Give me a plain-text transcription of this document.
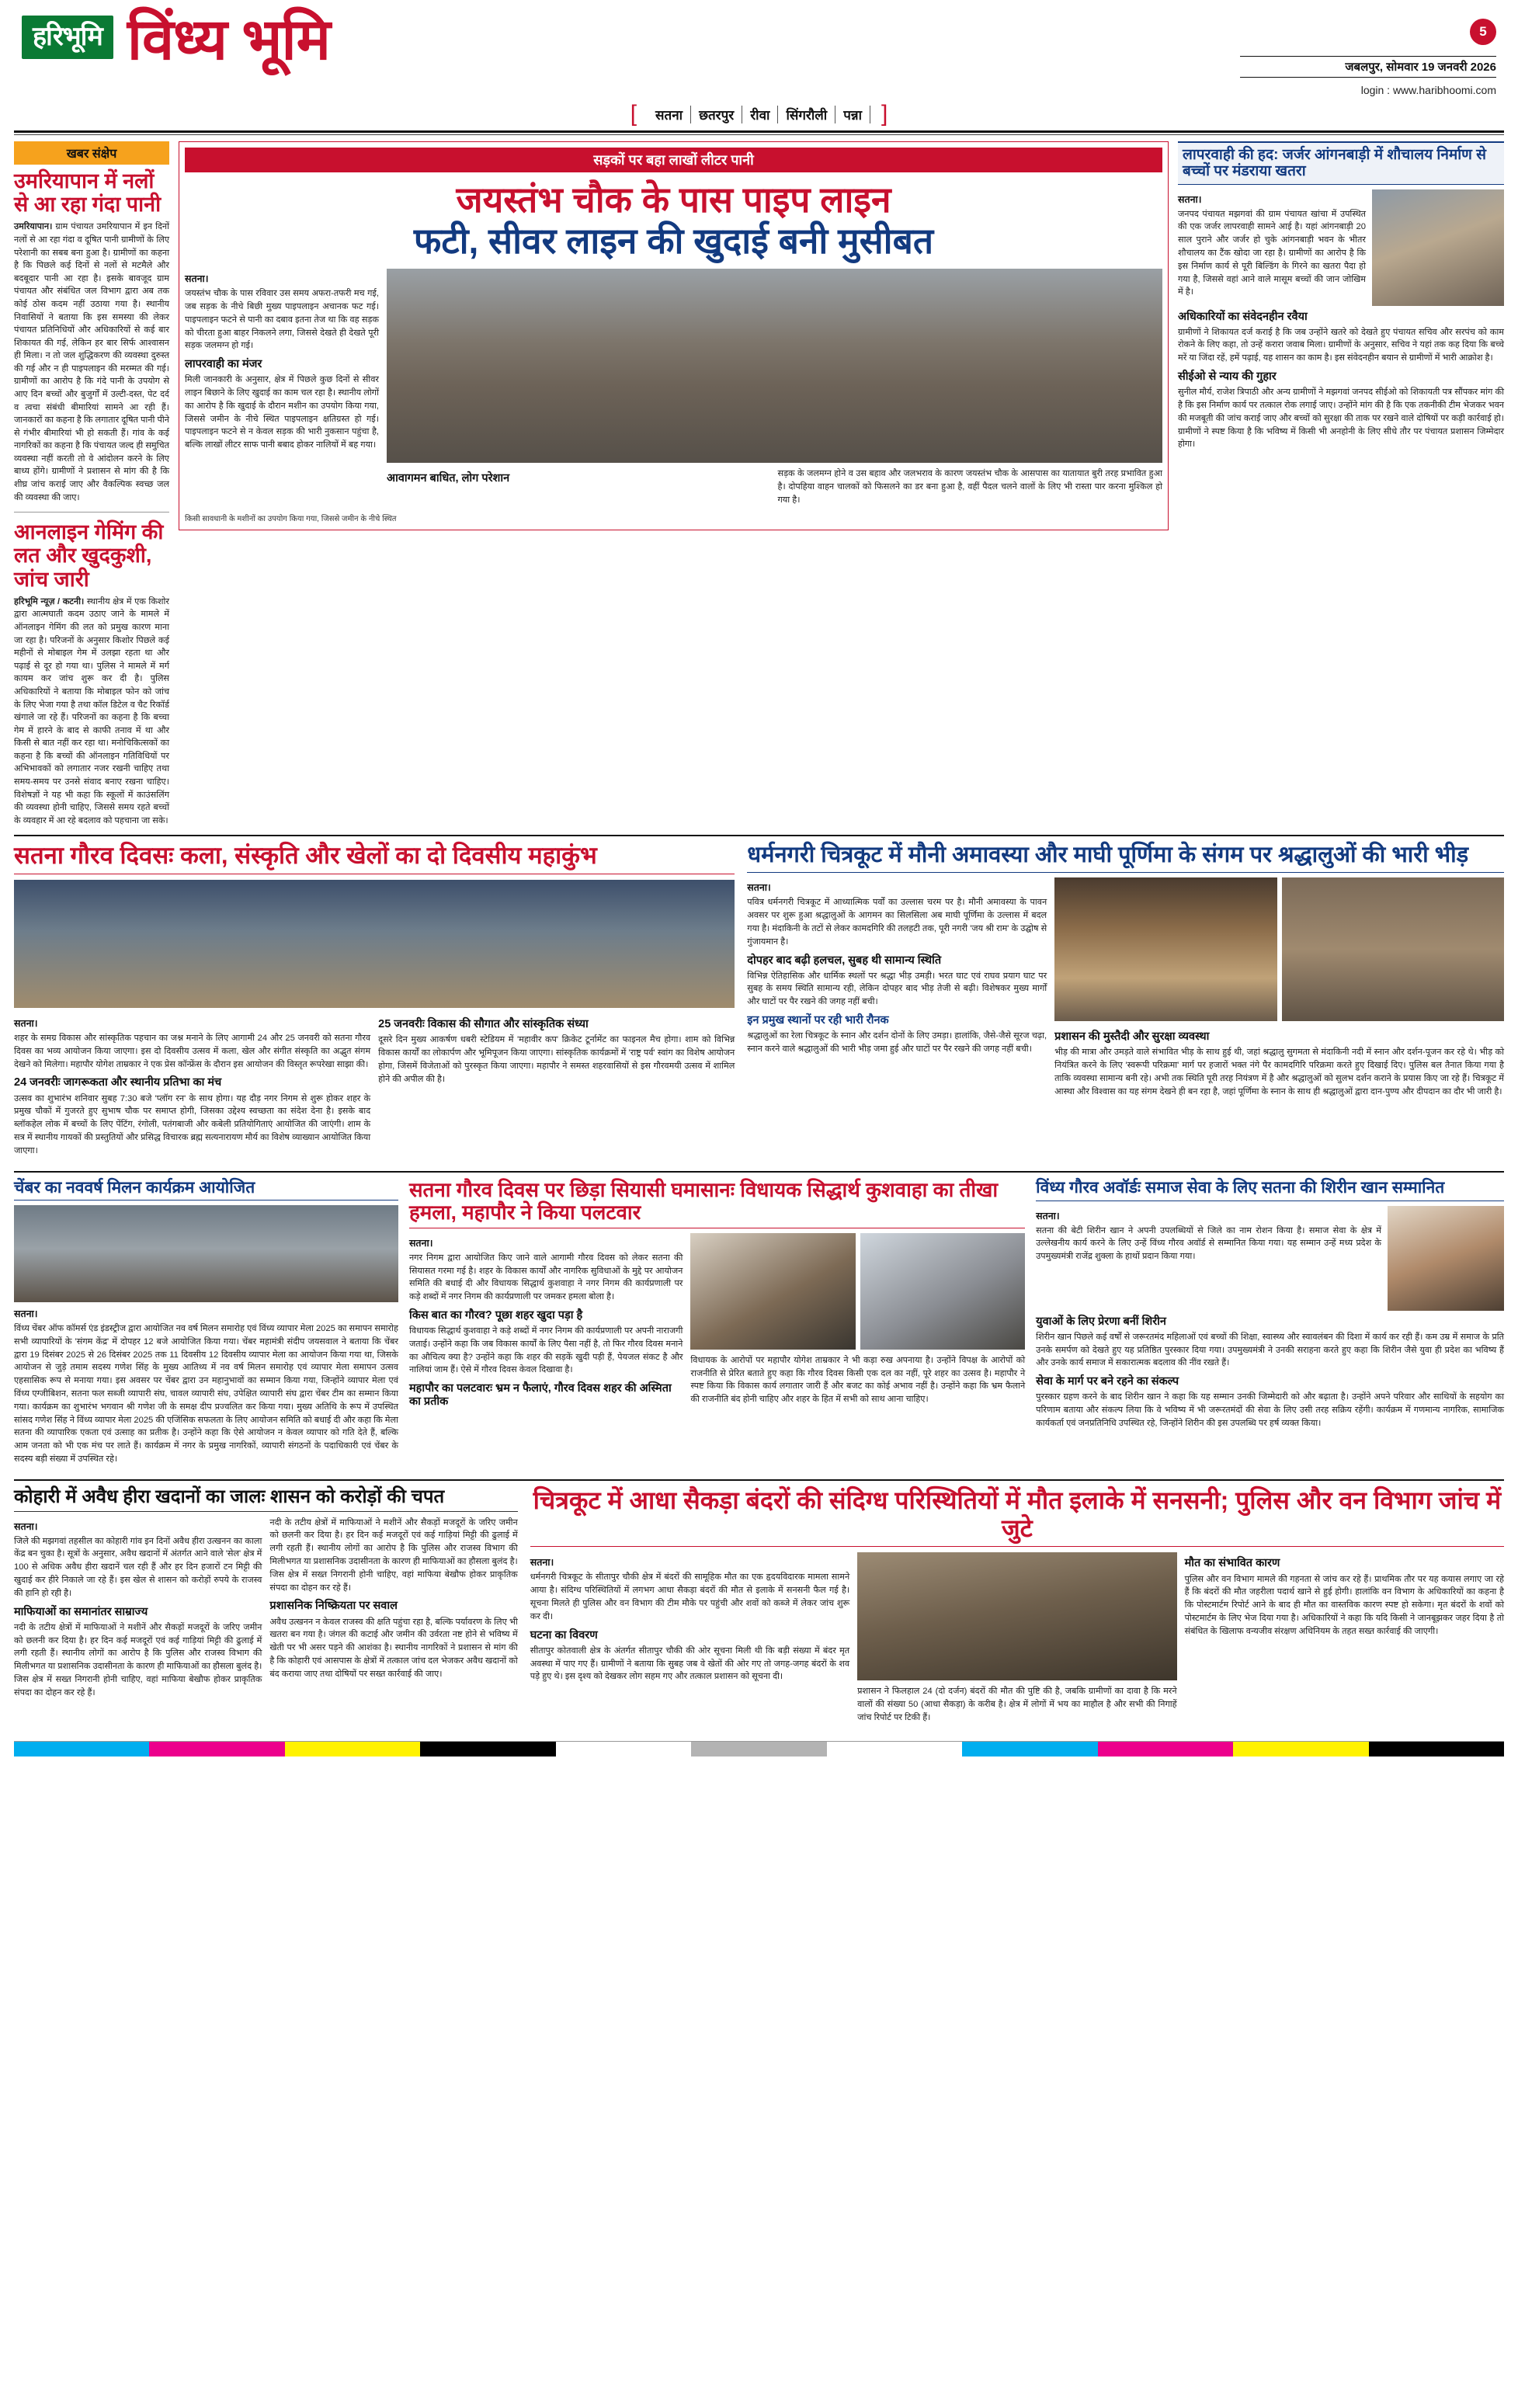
हरिभूमि विंध्य भूमि	5
जबलपुर, सोमवार 19 जनवरी 2026
login : www.haribhoomi.com
[	सतना	छतरपुर	रीवा	सिंगरौली	पन्ना ]
खबर संक्षेप
उमरियापान में नलों से आ रहा गंदा पानी
उमरियापान। ग्राम पंचायत उमरियापान में इन दिनों नलों से आ रहा गंदा व दूषित पानी ग्रामीणों के लिए परेशानी का सबब बना हुआ है। ग्रामीणों का कहना है कि पिछले कई दिनों से नलों से मटमैले और बदबूदार पानी आ रहा है। इसके बावजूद ग्राम पंचायत और संबंधित जल विभाग द्वारा अब तक कोई ठोस कदम नहीं उठाया गया है। स्थानीय निवासियों ने बताया कि इस समस्या की लेकर पंचायत प्रतिनिधियों और अधिकारियों से कई बार शिकायत की गई, लेकिन हर बार सिर्फ आश्वासन ही मिला। न तो जल शुद्धिकरण की व्यवस्था दुरुस्त की गई और न ही पाइपलाइन की मरम्मत की गई। ग्रामीणों का आरोप है कि गंदे पानी के उपयोग से आए दिन बच्चों और बुजुर्गों में उल्टी-दस्त, पेट दर्द व त्वचा संबंधी बीमारियां सामने आ रही हैं। जानकारों का कहना है कि लगातार दूषित पानी पीने से गंभीर बीमारियां भी हो सकती हैं। गांव के कई नागरिकों का कहना है कि पंचायत जल्द ही समुचित व्यवस्था नहीं करती तो वे आंदोलन करने के लिए बाध्य होंगे। ग्रामीणों ने प्रशासन से मांग की है कि शीघ्र जांच कराई जाए और वैकल्पिक स्वच्छ जल की व्यवस्था की जाए।
आनलाइन गेमिंग की लत और खुदकुशी, जांच जारी
हरिभूमि न्यूज़ / कटनी। स्थानीय क्षेत्र में एक किशोर द्वारा आत्मघाती कदम उठाए जाने के मामले में ऑनलाइन गेमिंग की लत को प्रमुख कारण माना जा रहा है। परिजनों के अनुसार किशोर पिछले कई महीनों से मोबाइल गेम में उलझा रहता था और पढ़ाई से दूर हो गया था। पुलिस ने मामले में मर्ग कायम कर जांच शुरू कर दी है। पुलिस अधिकारियों ने बताया कि मोबाइल फोन को जांच के लिए भेजा गया है तथा कॉल डिटेल व चैट रिकॉर्ड खंगाले जा रहे हैं। परिजनों का कहना है कि बच्चा गेम में हारने के बाद से काफी तनाव में था और किसी से बात नहीं कर रहा था। मनोचिकित्सकों का कहना है कि बच्चों की ऑनलाइन गतिविधियों पर अभिभावकों को लगातार नजर रखनी चाहिए तथा समय-समय पर उनसे संवाद बनाए रखना चाहिए। विशेषज्ञों ने यह भी कहा कि स्कूलों में काउंसलिंग की व्यवस्था होनी चाहिए, जिससे समय रहते बच्चों के व्यवहार में आ रहे बदलाव को पहचाना जा सके।
सड़कों पर बहा लाखों लीटर पानी
जयस्तंभ चौक के पास पाइप लाइन
फटी, सीवर लाइन की खुदाई बनी मुसीबत
सतना।

जयस्तंभ चौक के पास रविवार उस समय अफरा-तफरी मच गई, जब सड़क के नीचे बिछी मुख्य पाइपलाइन अचानक फट गई। पाइपलाइन फटने से पानी का दबाव इतना तेज था कि वह सड़क को चीरता हुआ बाहर निकलने लगा, जिससे देखते ही देखते पूरी सड़क जलमग्न हो गई।

लापरवाही का मंजर

मिली जानकारी के अनुसार, क्षेत्र में पिछले कुछ दिनों से सीवर लाइन बिछाने के लिए खुदाई का काम चल रहा है। स्थानीय लोगों का आरोप है कि खुदाई के दौरान मशीन का उपयोग किया गया, जिससे जमीन के नीचे स्थित पाइपलाइन क्षतिग्रस्त हो गई। पाइपलाइन फटने से न केवल सड़क की भारी नुकसान पहुंचा है, बल्कि लाखों लीटर साफ पानी बबाद होकर नालियों में बह गया।

आवागमन बाधित, लोग परेशान	सड़क के जलमग्न होने व उस बहाव और जलभराव के कारण जयस्तंभ चौक के आसपास का यातायात बुरी तरह प्रभावित हुआ है। दोपहिया वाहन चालकों को फिसलने का डर बना हुआ है, वहीं पैदल चलने वालों के लिए भी रास्ता पार करना मुश्किल हो गया है।

किसी सावधानी के मशीनों का उपयोग किया गया, जिससे जमीन के नीचे स्थित
लापरवाही की हद: जर्जर आंगनबाड़ी में शौचालय निर्माण से बच्चों पर मंडराया खतरा
सतना।

जनपद पंचायत मझगवां की ग्राम पंचायत खांचा में उपस्थित की एक जर्जर लापरवाही सामने आई है। यहां आंगनबाड़ी 20 साल पुराने और जर्जर हो चुके आंगनबाड़ी भवन के भीतर शौचालय का टैंक खोदा जा रहा है। ग्रामीणों का आरोप है कि इस निर्माण कार्य से पूरी बिल्डिंग के गिरने का खतरा पैदा हो गया है, जिससे वहां आने वाले मासूम बच्चों की जान जोखिम में है।

अधिकारियों का संवेदनहीन रवैया

ग्रामीणों ने शिकायत दर्ज कराई है कि जब उन्होंने खतरे को देखते हुए पंचायत सचिव और सरपंच को काम रोकने के लिए कहा, तो उन्हें करारा जवाब मिला। ग्रामीणों के अनुसार, सचिव ने यहां तक कह दिया कि बच्चे मरें या जिंदा रहें, हमें पढ़ाई, यह शासन का काम है। इस संवेदनहीन बयान से ग्रामीणों में भारी आक्रोश है।

सीईओ से न्याय की गुहार

सुनील मौर्य, राजेश त्रिपाठी और अन्य ग्रामीणों ने मझगवां जनपद सीईओ को शिकायती पत्र सौंपकर मांग की है कि इस निर्माण कार्य पर तत्काल रोक लगाई जाए। उन्होंने मांग की है कि एक तकनीकी टीम भेजकर भवन की मजबूती की जांच कराई जाए और बच्चों को सुरक्षा की ताक पर रखने वाले दोषियों पर कड़ी कार्रवाई हो। ग्रामीणों ने स्पष्ट किया है कि भविष्य में किसी भी अनहोनी के लिए सीधे तौर पर पंचायत प्रशासन जिम्मेदार होगा।

सतना गौरव दिवसः कला, संस्कृति और खेलों का दो दिवसीय महाकुंभ
सतना।

शहर के समग्र विकास और सांस्कृतिक पहचान का जश्न मनाने के लिए आगामी 24 और 25 जनवरी को सतना गौरव दिवस का भव्य आयोजन किया जाएगा। इस दो दिवसीय उत्सव में कला, खेल और संगीत संस्कृति का अद्भुत संगम देखने को मिलेगा। महापौर योगेश ताम्रकार ने एक प्रेस कॉन्फ्रेंस के दौरान इस आयोजन की विस्तृत रूपरेखा साझा की।

24 जनवरीः जागरूकता और स्थानीय प्रतिभा का मंच

उत्सव का शुभारंभ शनिवार सुबह 7:30 बजे 'प्लॉग रन' के साथ होगा। यह दौड़ नगर निगम से शुरू होकर शहर के प्रमुख चौकों में गुजरते हुए सुभाष चौक पर समाप्त होगी, जिसका उद्देश्य स्वच्छता का संदेश देना है। इसके बाद ब्लॉकहेल लोक में बच्चों के लिए पेंटिंग, रंगोली, पतंगबाजी और कबेली प्रतियोगिताएं आयोजित की जाएंगी। शाम के सत्र में स्थानीय गायकों की प्रस्तुतियों और प्रसिद्ध विचारक ब्रह्म सत्यनारायण मौर्य का विशेष व्याख्यान आयोजित किया जाएगा।

25 जनवरीः विकास की सौगात और सांस्कृतिक संध्या

दूसरे दिन मुख्य आकर्षण धबरी स्टेडियम में 'महावीर कप' क्रिकेट टूर्नामेंट का फाइनल मैच होगा। शाम को विभिन्न विकास कार्यों का लोकार्पण और भूमिपूजन किया जाएगा। सांस्कृतिक कार्यक्रमों में 'राष्ट्र पर्व' स्वांग का विशेष आयोजन होगा, जिसमें विजेताओं को पुरस्कृत किया जाएगा। महापौर ने समस्त शहरवासियों से इस गौरवमयी उत्सव में शामिल होने की अपील की है।

धर्मनगरी चित्रकूट में मौनी अमावस्या और माघी पूर्णिमा के संगम पर श्रद्धालुओं की भारी भीड़
सतना।

पवित्र धर्मनगरी चित्रकूट में आध्यात्मिक पर्वों का उल्लास चरम पर है। मौनी अमावस्या के पावन अवसर पर शुरू हुआ श्रद्धालुओं के आगमन का सिलसिला अब माघी पूर्णिमा के उल्लास में बदल गया है। मंदाकिनी के तटों से लेकर कामदगिरि की तलहटी तक, पूरी नगरी 'जय श्री राम' के उद्घोष से गुंजायमान है।

दोपहर बाद बढ़ी हलचल, सुबह थी सामान्य स्थिति

विभिन्न ऐतिहासिक और धार्मिक स्थलों पर श्रद्धा भीड़ उमड़ी। भरत घाट एवं राघव प्रयाग घाट पर सुबह के समय स्थिति सामान्य रही, लेकिन दोपहर बाद भीड़ तेजी से बढ़ी। विशेषकर मुख्य मार्गों और घाटों पर पैर रखने की जगह नहीं बची।

इन प्रमुख स्थानों पर रही भारी रौनक

श्रद्धालुओं का रेला चित्रकूट के स्नान और दर्शन दोनों के लिए उमड़ा। हालांकि, जैसे-जैसे सूरज चढ़ा, स्नान करने वाले श्रद्धालुओं की भारी भीड़ जमा हुई और घाटों पर पैर रखने की जगह नहीं बची।

प्रशासन की मुस्तैदी और सुरक्षा व्यवस्था

भीड़ की मात्रा और उमड़ते वाले संभावित भीड़ के साथ हुई थी, जहां श्रद्धालु सुगमता से मंदाकिनी नदी में स्नान और दर्शन-पूजन कर रहे थे। भीड़ को नियंत्रित करने के लिए 'स्वरूपी परिक्रमा' मार्ग पर हजारों भक्त नंगे पैर कामदगिरि परिक्रमा करते हुए दिखाई दिए। पुलिस बल तैनात किया गया है ताकि व्यवस्था सामान्य बनी रहे। अभी तक स्थिति पूरी तरह नियंत्रण में है और श्रद्धालुओं को सुलभ दर्शन कराने के प्रयास किए जा रहे हैं। चित्रकूट में आस्था और विश्वास का यह संगम देखने ही बन रहा है, जहां पूर्णिमा के स्नान के साथ ही श्रद्धालुओं द्वारा दान-पुण्य और दीपदान का दौर भी जारी है।

चेंबर का नववर्ष मिलन कार्यक्रम आयोजित
सतना।

विंध्य चेंबर ऑफ कॉमर्स एंड इंडस्ट्रीज द्वारा आयोजित नव वर्ष मिलन समारोह एवं विंध्य व्यापार मेला 2025 का समापन समारोह सभी व्यापारियों के 'संगम केंद्र' में दोपहर 12 बजे आयोजित किया गया। चेंबर महामंत्री संदीप जयसवाल ने बताया कि चेंबर द्वारा 19 दिसंबर 2025 से 26 दिसंबर 2025 तक 11 दिवसीय 12 दिवसीय व्यापार मेला का आयोजन किया गया था, जिसके आयोजन से जुड़े तमाम सदस्य गणेश सिंह के मुख्य आतिथ्य में नव वर्ष मिलन समारोह एवं व्यापार मेला समापन उत्सव एहसासिक रूप से मनाया गया। इस अवसर पर चेंबर द्वारा उन महानुभावों का सम्मान किया गया, जिन्होंने व्यापार मेला एवं विंध्य एग्जीबिशन, सतना फल सब्जी व्यापारी संघ, चावल व्यापारी संघ, उपेक्षित व्यापारी संघ द्वारा चेंबर टीम का सम्मान किया गया। कार्यक्रम का शुभारंभ भगवान श्री गणेश जी के समक्ष दीप प्रज्वलित कर किया गया। मुख्य अतिथि के रूप में उपस्थित सांसद गणेश सिंह ने विंध्य व्यापार मेला 2025 की एजिंसिक सफलता के लिए आयोजन समिति को बधाई दी और कहा कि मेला सतना की व्यापारिक एकता एवं उत्साह का प्रतीक है। उन्होंने कहा कि ऐसे आयोजन न केवल व्यापार को गति देते हैं, बल्कि आम जनता को भी एक मंच पर लाते हैं। कार्यक्रम में नगर के प्रमुख नागरिकों, व्यापारी संगठनों के पदाधिकारी एवं चेंबर के सदस्य बड़ी संख्या में उपस्थित रहे।

सतना गौरव दिवस पर छिड़ा सियासी घमासानः विधायक सिद्धार्थ कुशवाहा का तीखा हमला, महापौर ने किया पलटवार
सतना।

नगर निगम द्वारा आयोजित किए जाने वाले आगामी गौरव दिवस को लेकर सतना की सियासत गरमा गई है। शहर के विकास कार्यों और नागरिक सुविधाओं के मुद्दे पर आयोजन समिति की बधाई दी और विधायक सिद्धार्थ कुशवाहा ने नगर निगम की कार्यप्रणाली पर कड़े शब्दों में नगर निगम की कार्यप्रणाली पर जमकर हमला बोला है।

किस बात का गौरव? पूछा शहर खुदा पड़ा है

विधायक सिद्धार्थ कुशवाहा ने कड़े शब्दों में नगर निगम की कार्यप्रणाली पर अपनी नाराजगी जताई। उन्होंने कहा कि जब विकास कार्यों के लिए पैसा नहीं है, तो फिर गौरव दिवस मनाने का औचित्य क्या है? उन्होंने कहा कि शहर की सड़कें खुदी पड़ी हैं, पेयजल संकट है और नालियां जाम हैं। ऐसे में गौरव दिवस केवल दिखावा है।

महापौर का पलटवारः भ्रम न फैलाएं, गौरव दिवस शहर की अस्मिता का प्रतीक

विधायक के आरोपों पर महापौर योगेश ताम्रकार ने भी कड़ा रुख अपनाया है। उन्होंने विपक्ष के आरोपों को राजनीति से प्रेरित बताते हुए कहा कि गौरव दिवस किसी एक दल का नहीं, पूरे शहर का उत्सव है। महापौर ने स्पष्ट किया कि विकास कार्य लगातार जारी हैं और बजट का कोई अभाव नहीं है। उन्होंने कहा कि भ्रम फैलाने की राजनीति बंद होनी चाहिए और शहर के हित में सभी को साथ आना चाहिए।

विंध्य गौरव अवॉर्डः समाज सेवा के लिए सतना की शिरीन खान सम्मानित
सतना।

सतना की बेटी शिरीन खान ने अपनी उपलब्धियों से जिले का नाम रोशन किया है। समाज सेवा के क्षेत्र में उल्लेखनीय कार्य करने के लिए उन्हें विंध्य गौरव अवॉर्ड से सम्मानित किया गया। यह सम्मान उन्हें मध्य प्रदेश के उपमुख्यमंत्री राजेंद्र शुक्ला के हाथों प्रदान किया गया।

युवाओं के लिए प्रेरणा बनीं शिरीन

शिरीन खान पिछले कई वर्षों से जरूरतमंद महिलाओं एवं बच्चों की शिक्षा, स्वास्थ्य और स्वावलंबन की दिशा में कार्य कर रही हैं। कम उम्र में समाज के प्रति उनके समर्पण को देखते हुए यह प्रतिष्ठित पुरस्कार दिया गया। उपमुख्यमंत्री ने उनकी सराहना करते हुए कहा कि शिरीन जैसे युवा ही प्रदेश का भविष्य हैं और उनके कार्य समाज में सकारात्मक बदलाव की नींव रखते हैं।

सेवा के मार्ग पर बने रहने का संकल्प

पुरस्कार ग्रहण करने के बाद शिरीन खान ने कहा कि यह सम्मान उनकी जिम्मेदारी को और बढ़ाता है। उन्होंने अपने परिवार और साथियों के सहयोग का परिणाम बताया और संकल्प लिया कि वे भविष्य में भी जरूरतमंदों की सेवा के लिए उसी तरह सक्रिय रहेंगी। कार्यक्रम में गणमान्य नागरिक, सामाजिक कार्यकर्ता एवं जनप्रतिनिधि उपस्थित रहे, जिन्होंने शिरीन की इस उपलब्धि पर हर्ष व्यक्त किया।

कोहारी में अवैध हीरा खदानों का जालः शासन को करोड़ों की चपत
सतना।

जिले की मझगवां तहसील का कोहारी गांव इन दिनों अवैध हीरा उत्खनन का काला केंद्र बन चुका है। सूत्रों के अनुसार, अवैध खदानों में अंतर्गत आने वाले 'सेल' क्षेत्र में 100 से अधिक अवैध हीरा खदानें चल रही हैं और हर दिन हजारों टन मिट्टी की खुदाई कर हीरे निकाले जा रहे हैं। इस खेल से शासन को करोड़ों रुपये के राजस्व की हानि हो रही है।

माफियाओं का समानांतर साम्राज्य

नदी के तटीय क्षेत्रों में माफियाओं ने मशीनें और सैकड़ों मजदूरों के जरिए जमीन को छलनी कर दिया है। हर दिन कई मजदूरों एवं कई गाड़ियां मिट्टी की ढुलाई में लगी रहती हैं। स्थानीय लोगों का आरोप है कि पुलिस और राजस्व विभाग की मिलीभगत या प्रशासनिक उदासीनता के कारण ही माफियाओं का हौसला बुलंद है। जिस क्षेत्र में सख्त निगरानी होनी चाहिए, वहां माफिया बेखौफ होकर प्राकृतिक संपदा का दोहन कर रहे हैं।

नदी के तटीय क्षेत्रों में माफियाओं ने मशीनें और सैकड़ों मजदूरों के जरिए जमीन को छलनी कर दिया है। हर दिन कई मजदूरों एवं कई गाड़ियां मिट्टी की ढुलाई में लगी रहती हैं। स्थानीय लोगों का आरोप है कि पुलिस और राजस्व विभाग की मिलीभगत या प्रशासनिक उदासीनता के कारण ही माफियाओं का हौसला बुलंद है। जिस क्षेत्र में सख्त निगरानी होनी चाहिए, वहां माफिया बेखौफ होकर प्राकृतिक संपदा का दोहन कर रहे हैं।

प्रशासनिक निष्क्रियता पर सवाल

अवैध उत्खनन न केवल राजस्व की क्षति पहुंचा रहा है, बल्कि पर्यावरण के लिए भी खतरा बन गया है। जंगल की कटाई और जमीन की उर्वरता नष्ट होने से भविष्य में खेती पर भी असर पड़ने की आशंका है। स्थानीय नागरिकों ने प्रशासन से मांग की है कि कोहारी एवं आसपास के क्षेत्रों में तत्काल जांच दल भेजकर अवैध खदानों को बंद कराया जाए तथा दोषियों पर सख्त कार्रवाई की जाए।

चित्रकूट में आधा सैकड़ा बंदरों की संदिग्ध परिस्थितियों में मौत इलाके में सनसनी; पुलिस और वन विभाग जांच में जुटे
सतना।

धर्मनगरी चित्रकूट के सीतापुर चौकी क्षेत्र में बंदरों की सामूहिक मौत का एक हृदयविदारक मामला सामने आया है। संदिग्ध परिस्थितियों में लगभग आधा सैकड़ा बंदरों की मौत से इलाके में सनसनी फैल गई है। सूचना मिलते ही पुलिस और वन विभाग की टीम मौके पर पहुंची और शवों को कब्जे में लेकर जांच शुरू कर दी।

घटना का विवरण

सीतापुर कोतवाली क्षेत्र के अंतर्गत सीतापुर चौकी की ओर सूचना मिली थी कि बड़ी संख्या में बंदर मृत अवस्था में पाए गए हैं। ग्रामीणों ने बताया कि सुबह जब वे खेतों की ओर गए तो जगह-जगह बंदरों के शव पड़े हुए थे। इस दृश्य को देखकर लोग सहम गए और तत्काल प्रशासन को सूचना दी।

प्रशासन ने फिलहाल 24 (दो दर्जन) बंदरों की मौत की पुष्टि की है, जबकि ग्रामीणों का दावा है कि मरने वालों की संख्या 50 (आधा सैकड़ा) के करीब है। क्षेत्र में लोगों में भय का माहौल है और सभी की निगाहें जांच रिपोर्ट पर टिकी हैं।

मौत का संभावित कारण

पुलिस और वन विभाग मामले की गहनता से जांच कर रहे हैं। प्राथमिक तौर पर यह कयास लगाए जा रहे हैं कि बंदरों की मौत जहरीला पदार्थ खाने से हुई होगी। हालांकि वन विभाग के अधिकारियों का कहना है कि पोस्टमार्टम रिपोर्ट आने के बाद ही मौत का वास्तविक कारण स्पष्ट हो सकेगा। मृत बंदरों के शवों को पोस्टमार्टम के लिए भेज दिया गया है। अधिकारियों ने कहा कि यदि किसी ने जानबूझकर जहर दिया है तो संबंधित के खिलाफ वन्यजीव संरक्षण अधिनियम के तहत सख्त कार्रवाई की जाएगी।
